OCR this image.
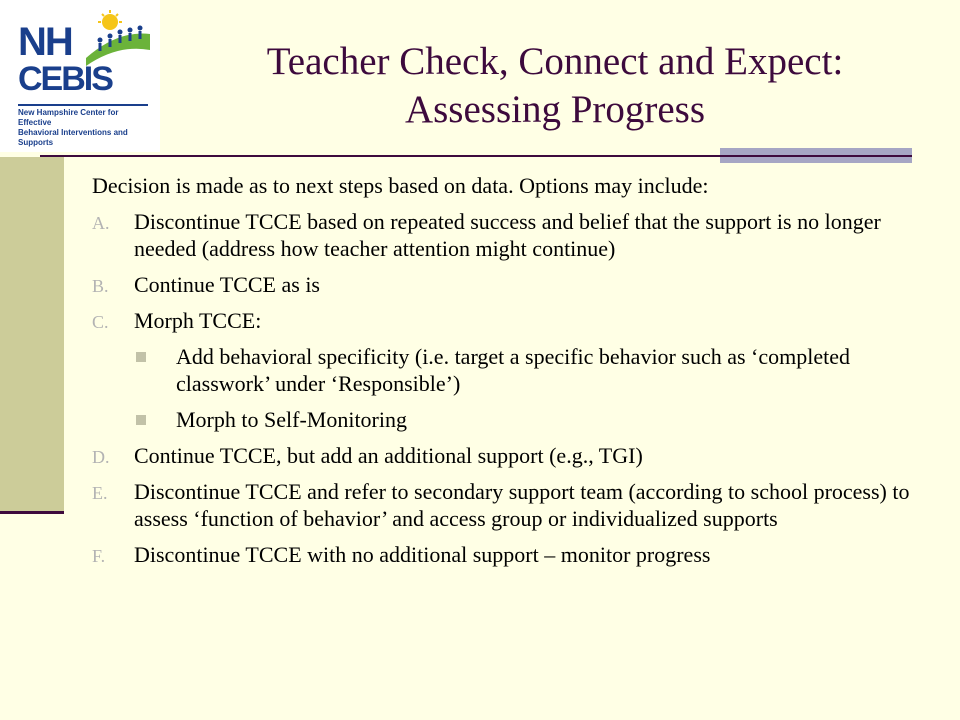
NH
CEBIS
New Hampshire Center for Effective
Behavioral Interventions and Supports
Teacher Check, Connect and Expect:
Assessing Progress

Decision is made as to next steps based on data. Options may include:

A. Discontinue TCCE based on repeated success and belief that the support is no longer needed (address how teacher attention might continue)
B. Continue TCCE as is
C. Morph TCCE:
Add behavioral specificity (i.e. target a specific behavior such as ‘completed classwork’ under ‘Responsible’)
Morph to Self-Monitoring
D. Continue TCCE, but add an additional support (e.g., TGI)
E. Discontinue TCCE and refer to secondary support team (according to school process) to assess ‘function of behavior’ and access group or individualized supports
F. Discontinue TCCE with no additional support – monitor progress
